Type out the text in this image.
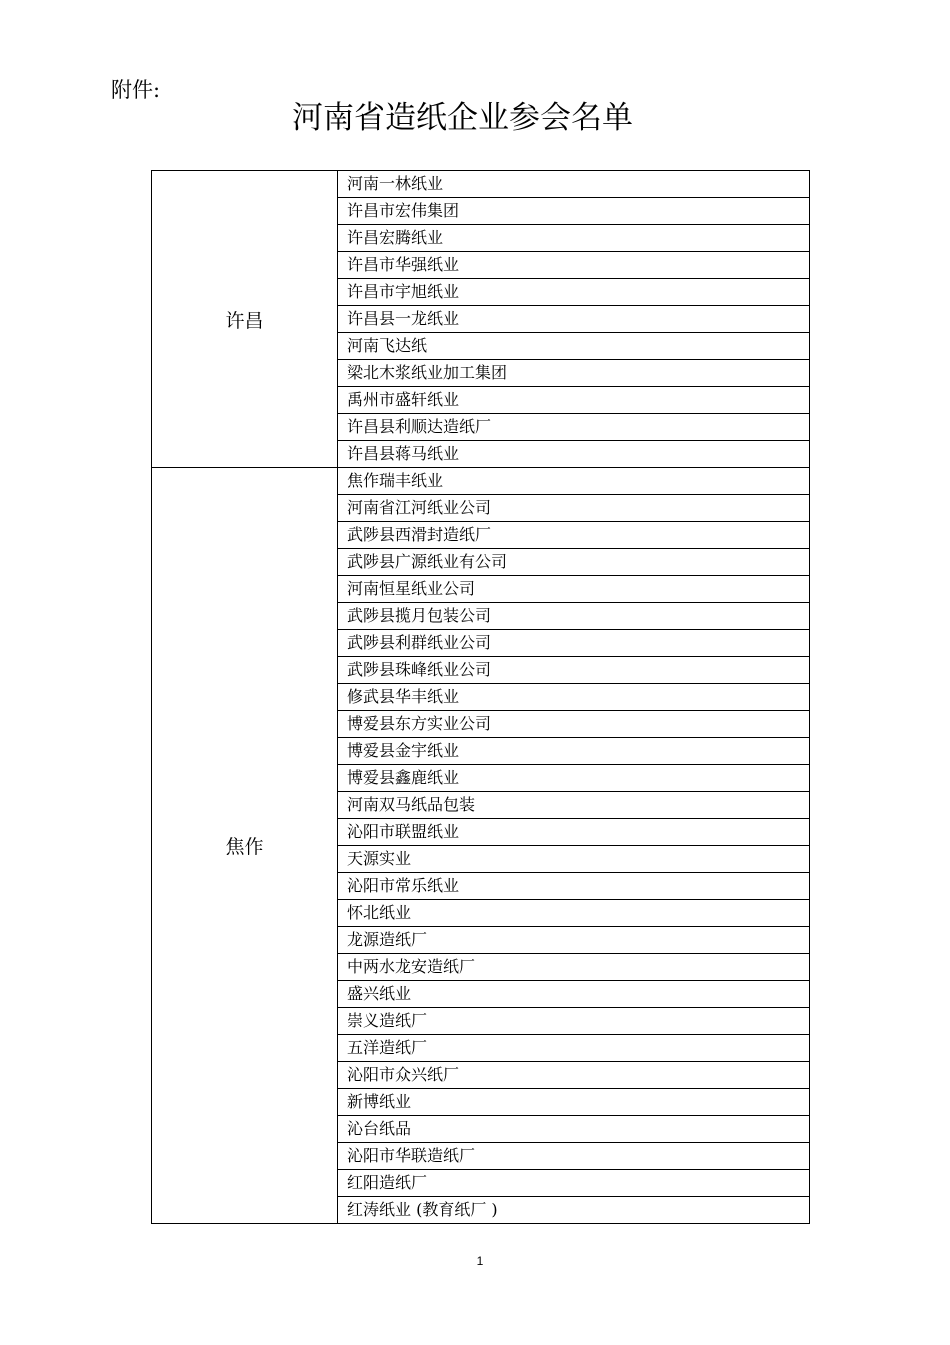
附件:
河南省造纸企业参会名单
许昌	河南一林纸业
	许昌市宏伟集团
	许昌宏腾纸业
	许昌市华强纸业
	许昌市宇旭纸业
	许昌县一龙纸业
	河南飞达纸
	梁北木浆纸业加工集团
	禹州市盛轩纸业
	许昌县利顺达造纸厂
	许昌县蒋马纸业
焦作	焦作瑞丰纸业
	河南省江河纸业公司
	武陟县西滑封造纸厂
	武陟县广源纸业有公司
	河南恒星纸业公司
	武陟县揽月包装公司
	武陟县利群纸业公司
	武陟县珠峰纸业公司
	修武县华丰纸业
	博爱县东方实业公司
	博爱县金宇纸业
	博爱县鑫鹿纸业
	河南双马纸品包装
	沁阳市联盟纸业
	天源实业
	沁阳市常乐纸业
	怀北纸业
	龙源造纸厂
	中两水龙安造纸厂
	盛兴纸业
	崇义造纸厂
	五洋造纸厂
	沁阳市众兴纸厂
	新博纸业
	沁台纸品
	沁阳市华联造纸厂
	红阳造纸厂
	红涛纸业 (教育纸厂 )
1
